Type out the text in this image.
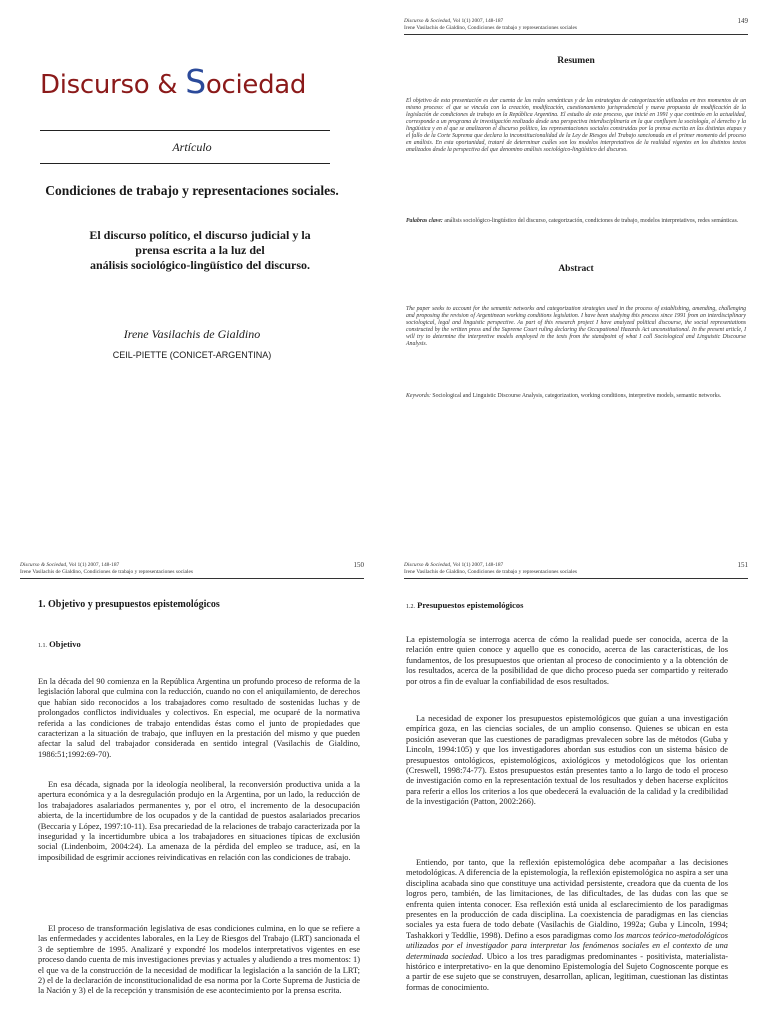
Discurso & Sociedad
Artículo
Condiciones de trabajo y representaciones sociales.
El discurso político, el discurso judicial y la
prensa escrita a la luz del
análisis sociológico-lingüístico del discurso.
Irene Vasilachis de Gialdino
CEIL-PIETTE (CONICET-ARGENTINA)
Discurso & Sociedad, Vol 1(1) 2007, 148-187
Irene Vasilachis de Gialdino, Condiciones de trabajo y representaciones sociales
149
Resumen
El objetivo de esta presentación es dar cuenta de las redes semánticas y de las estrategias de categorización utilizadas en tres momentos de un mismo proceso: el que se vincula con la creación, modificación, cuestionamiento jurisprudencial y nueva propuesta de modificación de la legislación de condiciones de trabajo en la República Argentina. El estudio de este proceso, que inicié en 1991 y que continúo en la actualidad, corresponde a un programa de investigación realizado desde una perspectiva interdisciplinaria en la que confluyen la sociología, el derecho y la lingüística y en el que se analizaron el discurso político, las representaciones sociales construidas por la prensa escrita en las distintas etapas y el fallo de la Corte Suprema que declara la inconstitucionalidad de la Ley de Riesgos del Trabajo sancionada en el primer momento del proceso en análisis. En esta oportunidad, trataré de determinar cuáles son los modelos interpretativos de la realidad vigentes en los distintos textos analizados desde la perspectiva del que denomino análisis sociológico-lingüístico del discurso.
Palabras clave: análisis sociológico-lingüístico del discurso, categorización, condiciones de trabajo, modelos interpretativos, redes semánticas.
Abstract
The paper seeks to account for the semantic networks and categorization strategies used in the process of establishing, amending, challenging and proposing the revision of Argentinean working conditions legislation. I have been studying this process since 1991 from an interdisciplinary sociological, legal and linguistic perspective. As part of this research project I have analyzed political discourse, the social representations constructed by the written press and the Supreme Court ruling declaring the Occupational Hazards Act unconstitutional. In the present article, I will try to determine the interpretive models employed in the texts from the standpoint of what I call Sociological and Linguistic Discourse Analysis.
Keywords: Sociological and Linguistic Discourse Analysis, categorization, working conditions, interpretive models, semantic networks.
Discurso & Sociedad, Vol 1(1) 2007, 148-187
Irene Vasilachis de Gialdino, Condiciones de trabajo y representaciones sociales
150
1. Objetivo y presupuestos epistemológicos
1.1. Objetivo
En la década del 90 comienza en la República Argentina un profundo proceso de reforma de la legislación laboral que culmina con la reducción, cuando no con el aniquilamiento, de derechos que habían sido reconocidos a los trabajadores como resultado de sostenidas luchas y de prolongados conflictos individuales y colectivos. En especial, me ocuparé de la normativa referida a las condiciones de trabajo entendidas éstas como el junto de propiedades que caracterizan a la situación de trabajo, que influyen en la prestación del mismo y que pueden afectar la salud del trabajador considerada en sentido integral (Vasilachis de Gialdino, 1986:51;1992:69-70).
En esa década, signada por la ideología neoliberal, la reconversión productiva unida a la apertura económica y a la desregulación produjo en la Argentina, por un lado, la reducción de los trabajadores asalariados permanentes y, por el otro, el incremento de la desocupación abierta, de la incertidumbre de los ocupados y de la cantidad de puestos asalariados precarios (Beccaria y López, 1997:10-11). Esa precariedad de la relaciones de trabajo caracterizada por la inseguridad y la incertidumbre ubica a los trabajadores en situaciones típicas de exclusión social (Lindenboim, 2004:24). La amenaza de la pérdida del empleo se traduce, así, en la imposibilidad de esgrimir acciones reivindicativas en relación con las condiciones de trabajo.
El proceso de transformación legislativa de esas condiciones culmina, en lo que se refiere a las enfermedades y accidentes laborales, en la Ley de Riesgos del Trabajo (LRT) sancionada el 3 de septiembre de 1995. Analizaré y expondré los modelos interpretativos vigentes en ese proceso dando cuenta de mis investigaciones previas y actuales y aludiendo a tres momentos: 1) el que va de la construcción de la necesidad de modificar la legislación a la sanción de la LRT; 2) el de la declaración de inconstitucionalidad de esa norma por la Corte Suprema de Justicia de la Nación y 3) el de la recepción y transmisión de ese acontecimiento por la prensa escrita.
Discurso & Sociedad, Vol 1(1) 2007, 148-187
Irene Vasilachis de Gialdino, Condiciones de trabajo y representaciones sociales
151
1.2. Presupuestos epistemológicos
La epistemología se interroga acerca de cómo la realidad puede ser conocida, acerca de la relación entre quien conoce y aquello que es conocido, acerca de las características, de los fundamentos, de los presupuestos que orientan al proceso de conocimiento y a la obtención de los resultados, acerca de la posibilidad de que dicho proceso pueda ser compartido y reiterado por otros a fin de evaluar la confiabilidad de esos resultados.
La necesidad de exponer los presupuestos epistemológicos que guían a una investigación empírica goza, en las ciencias sociales, de un amplio consenso. Quienes se ubican en esta posición aseveran que las cuestiones de paradigmas prevalecen sobre las de métodos (Guba y Lincoln, 1994:105) y que los investigadores abordan sus estudios con un sistema básico de presupuestos ontológicos, epistemológicos, axiológicos y metodológicos que los orientan (Creswell, 1998:74-77). Estos presupuestos están presentes tanto a lo largo de todo el proceso de investigación como en la representación textual de los resultados y deben hacerse explícitos para referir a ellos los criterios a los que obedecerá la evaluación de la calidad y la credibilidad de la investigación (Patton, 2002:266).
Entiendo, por tanto, que la reflexión epistemológica debe acompañar a las decisiones metodológicas. A diferencia de la epistemología, la reflexión epistemológica no aspira a ser una disciplina acabada sino que constituye una actividad persistente, creadora que da cuenta de los logros pero, también, de las limitaciones, de las dificultades, de las dudas con las que se enfrenta quien intenta conocer. Esa reflexión está unida al esclarecimiento de los paradigmas presentes en la producción de cada disciplina. La coexistencia de paradigmas en las ciencias sociales ya esta fuera de todo debate (Vasilachis de Gialdino, 1992a; Guba y Lincoln, 1994; Tashakkori y Teddlie, 1998). Defino a esos paradigmas como los marcos teórico-metodológicos utilizados por el investigador para interpretar los fenómenos sociales en el contexto de una determinada sociedad. Ubico a los tres paradigmas predominantes - positivista, materialista-histórico e interpretativo- en la que denomino Epistemología del Sujeto Cognoscente porque es a partir de ese sujeto que se construyen, desarrollan, aplican, legitiman, cuestionan las distintas formas de conocimiento.
